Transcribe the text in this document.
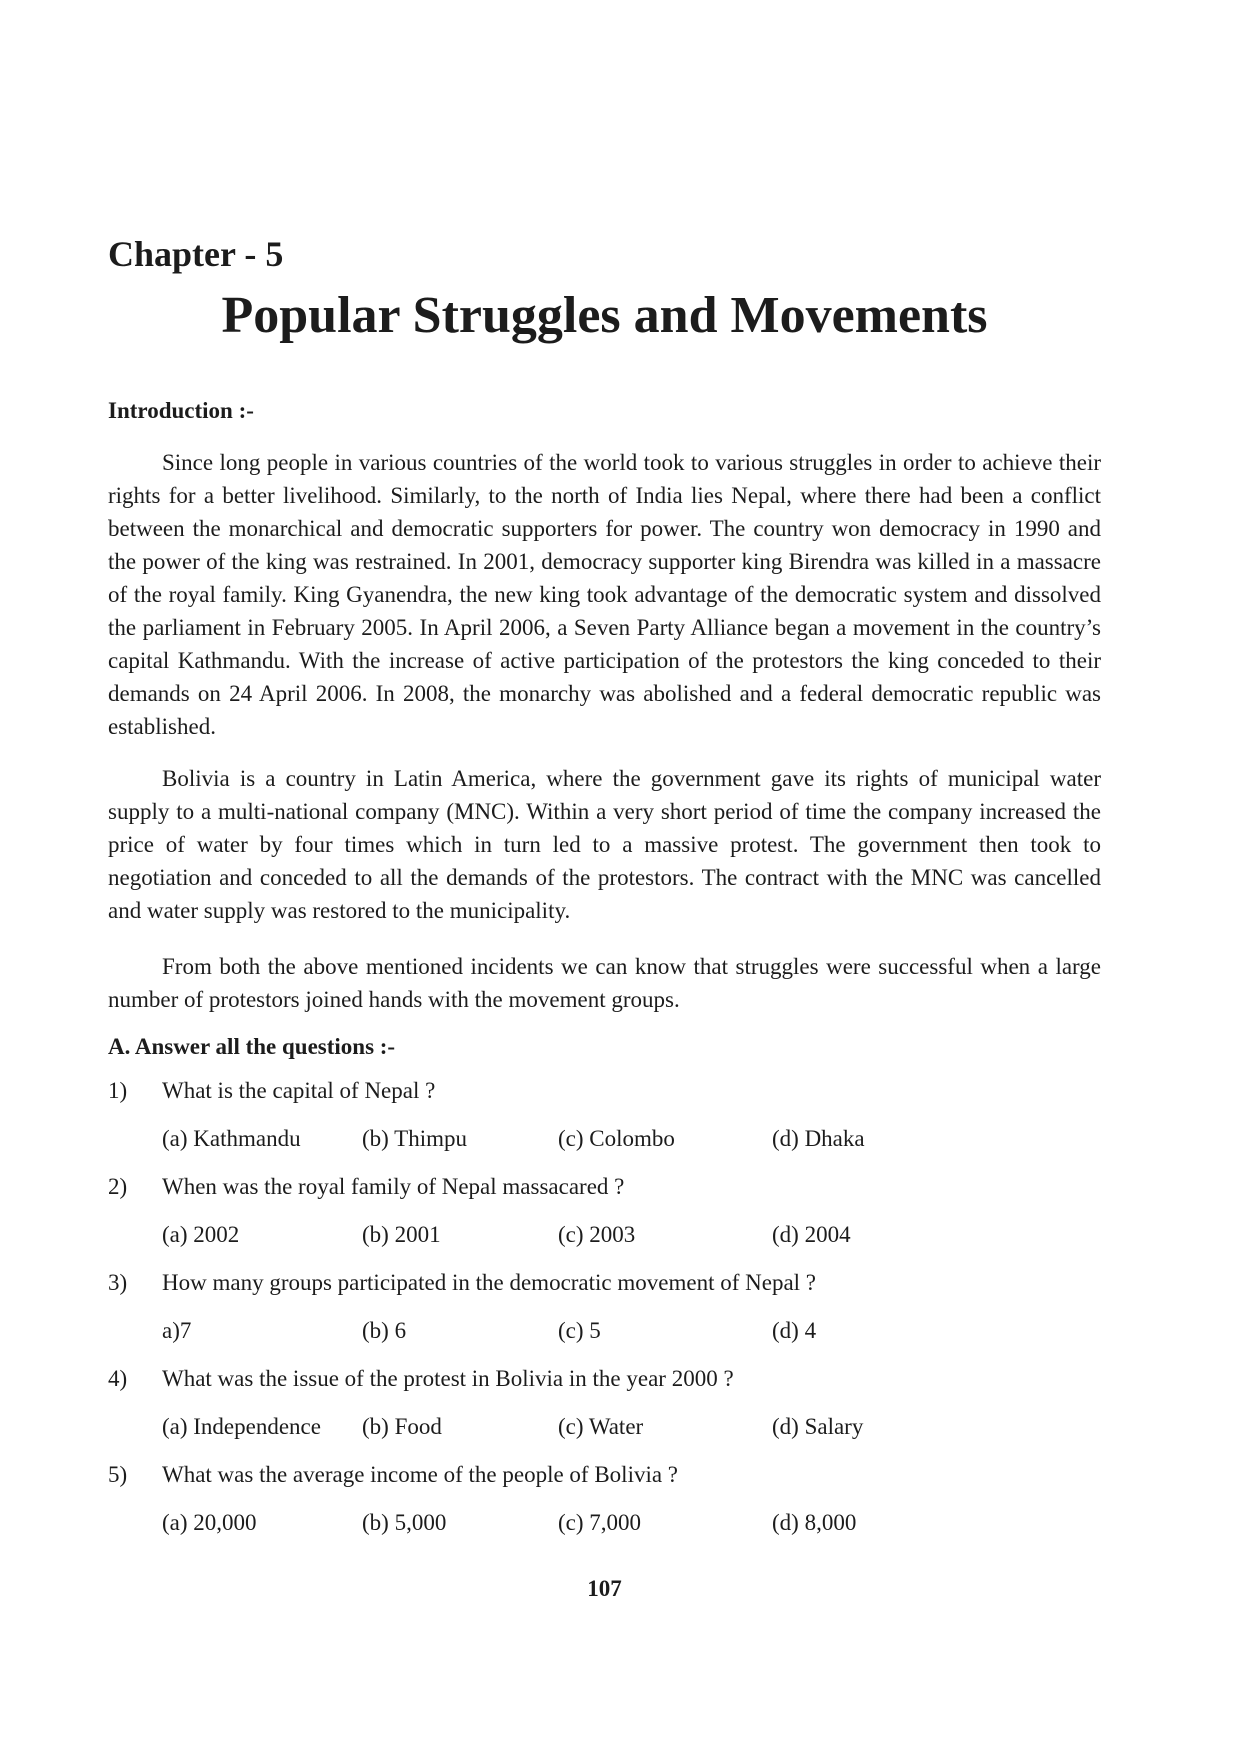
Chapter - 5
Popular Struggles and Movements
Introduction :-

Since long people in various countries of the world took to various struggles in order to achieve their rights for a better livelihood. Similarly, to the north of India lies Nepal, where there had been a conflict between the monarchical and democratic supporters for power. The country won democracy in 1990 and the power of the king was restrained. In 2001, democracy supporter king Birendra was killed in a massacre of the royal family. King Gyanendra, the new king took advantage of the democratic system and dissolved the parliament in February 2005. In April 2006, a Seven Party Alliance began a movement in the country’s capital Kathmandu. With the increase of active participation of the protestors the king conceded to their demands on 24 April 2006. In 2008, the monarchy was abolished and a federal democratic republic was established.

Bolivia is a country in Latin America, where the government gave its rights of municipal water supply to a multi-national company (MNC). Within a very short period of time the company increased the price of water by four times which in turn led to a massive protest. The government then took to negotiation and conceded to all the demands of the protestors. The contract with the MNC was cancelled and water supply was restored to the municipality.

From both the above mentioned incidents we can know that struggles were successful when a large number of protestors joined hands with the movement groups.

A. Answer all the questions :-
1) What is the capital of Nepal ?
(a) Kathmandu	(b) Thimpu	(c) Colombo	(d) Dhaka
2) When was the royal family of Nepal massacared ?
(a) 2002	(b) 2001	(c) 2003	(d) 2004
3) How many groups participated in the democratic movement of Nepal ?
a)7	(b) 6	(c) 5	(d) 4
4) What was the issue of the protest in Bolivia in the year 2000 ?
(a) Independence (b) Food	(c) Water	(d) Salary
5) What was the average income of the people of Bolivia ?
(a) 20,000	(b) 5,000	(c) 7,000	(d) 8,000

107
